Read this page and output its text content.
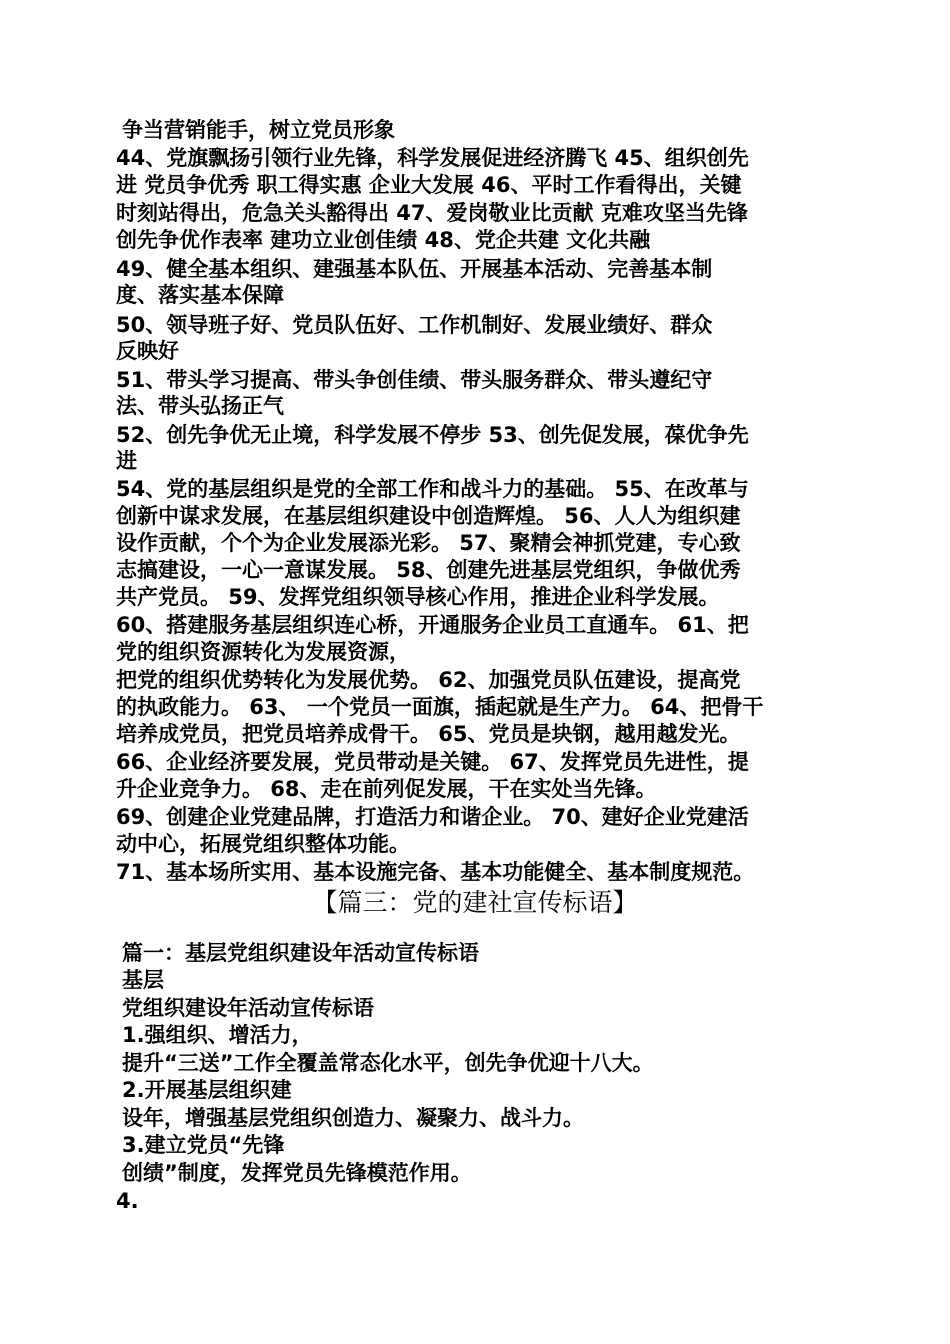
争当营销能手，树立党员形象
44、党旗飘扬引领行业先锋，科学发展促进经济腾飞 45、组织创先
进 党员争优秀 职工得实惠 企业大发展 46、平时工作看得出，关键
时刻站得出，危急关头豁得出 47、爱岗敬业比贡献 克难攻坚当先锋
创先争优作表率 建功立业创佳绩 48、党企共建 文化共融
49、健全基本组织、建强基本队伍、开展基本活动、完善基本制
度、落实基本保障
50、领导班子好、党员队伍好、工作机制好、发展业绩好、群众
反映好
51、带头学习提高、带头争创佳绩、带头服务群众、带头遵纪守
法、带头弘扬正气
52、创先争优无止境，科学发展不停步 53、创先促发展，葆优争先
进
54、党的基层组织是党的全部工作和战斗力的基础。 55、在改革与
创新中谋求发展，在基层组织建设中创造辉煌。 56、人人为组织建
设作贡献，个个为企业发展添光彩。 57、聚精会神抓党建，专心致
志搞建设，一心一意谋发展。 58、创建先进基层党组织，争做优秀
共产党员。 59、发挥党组织领导核心作用，推进企业科学发展。
60、搭建服务基层组织连心桥，开通服务企业员工直通车。 61、把
党的组织资源转化为发展资源，
把党的组织优势转化为发展优势。 62、加强党员队伍建设，提高党
的执政能力。 63、 一个党员一面旗，插起就是生产力。 64、把骨干
培养成党员，把党员培养成骨干。 65、党员是块钢，越用越发光。
66、企业经济要发展，党员带动是关键。 67、发挥党员先进性，提
升企业竞争力。 68、走在前列促发展，干在实处当先锋。
69、创建企业党建品牌，打造活力和谐企业。 70、建好企业党建活
动中心，拓展党组织整体功能。
71、基本场所实用、基本设施完备、基本功能健全、基本制度规范。
【篇三：党的建社宣传标语】
篇一：基层党组织建设年活动宣传标语
基层
党组织建设年活动宣传标语
1.强组织、增活力，
提升“三送”工作全覆盖常态化水平，创先争优迎十八大。
2.开展基层组织建
设年，增强基层党组织创造力、凝聚力、战斗力。
3.建立党员“先锋
创绩”制度，发挥党员先锋模范作用。
4.
